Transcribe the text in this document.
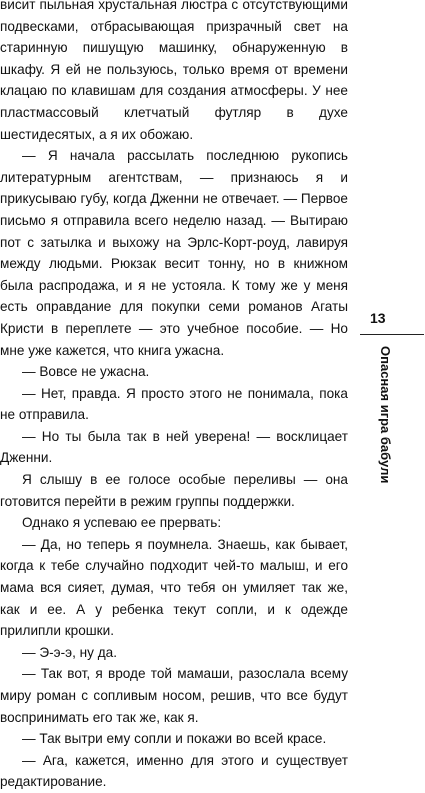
висит пыльная хрустальная люстра с отсутствующими подвесками, отбрасывающая призрачный свет на старинную пишущую машинку, обнаруженную в шкафу. Я ей не пользуюсь, только время от времени клацаю по клавишам для создания атмосферы. У нее пластмассовый клетчатый футляр в духе шестидесятых, а я их обожаю.

— Я начала рассылать последнюю рукопись литературным агентствам, — признаюсь я и прикусываю губу, когда Дженни не отвечает. — Первое письмо я отправила всего неделю назад. — Вытираю пот с затылка и выхожу на Эрлс-Корт-роуд, лавируя между людьми. Рюкзак весит тонну, но в книжном была распродажа, и я не устояла. К тому же у меня есть оправдание для покупки семи романов Агаты Кристи в переплете — это учебное пособие. — Но мне уже кажется, что книга ужасна.

— Вовсе не ужасна.

— Нет, правда. Я просто этого не понимала, пока не отправила.

— Но ты была так в ней уверена! — восклицает Дженни.

Я слышу в ее голосе особые переливы — она готовится перейти в режим группы поддержки.

Однако я успеваю ее прервать:

— Да, но теперь я поумнела. Знаешь, как бывает, когда к тебе случайно подходит чей-то малыш, и его мама вся сияет, думая, что тебя он умиляет так же, как и ее. А у ребенка текут сопли, и к одежде прилипли крошки.

— Э-э-э, ну да.

— Так вот, я вроде той мамаши, разослала всему миру роман с сопливым носом, решив, что все будут воспринимать его так же, как я.

— Так вытри ему сопли и покажи во всей красе.

— Ага, кажется, именно для этого и существует редактирование.

13
Опасная игра бабули
